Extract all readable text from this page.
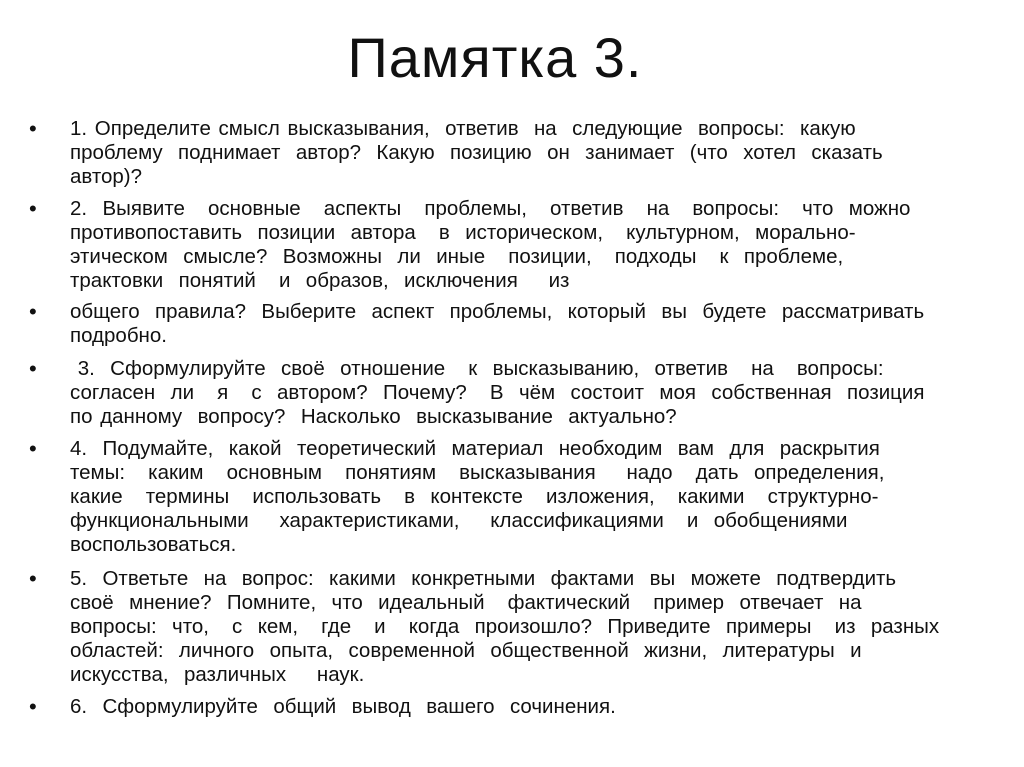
Памятка 3.
• 1. Определите смысл высказывания,  ответив  на  следующие  вопросы:  какую
проблему  поднимает  автор?  Какую  позицию  он  занимает  (что  хотел  сказать
автор)?
• 2.  Выявите   основные   аспекты   проблемы,   ответив   на   вопросы:   что  можно
противопоставить  позиции  автора   в  историческом,   культурном,  морально-
этическом  смысле?  Возможны  ли  иные   позиции,   подходы   к  проблеме,
трактовки  понятий   и  образов,  исключения    из
• общего  правила?  Выберите  аспект  проблемы,  который  вы  будете  рассматривать
подробно.
• 3.  Сформулируйте  своё  отношение   к  высказыванию,  ответив   на   вопросы:
согласен  ли   я   с  автором?  Почему?   В  чём  состоит  моя  собственная  позиция
по данному  вопросу?  Насколько  высказывание  актуально?
• 4.  Подумайте,  какой  теоретический  материал  необходим  вам  для  раскрытия
темы:   каким   основным   понятиям   высказывания    надо   дать  определения,
какие   термины   использовать   в  контексте   изложения,   какими   структурно-
функциональными    характеристиками,    классификациями   и  обобщениями
воспользоваться.
• 5.  Ответьте  на  вопрос:  какими  конкретными  фактами  вы  можете  подтвердить
своё  мнение?  Помните,  что  идеальный   фактический   пример  отвечает  на
вопросы:  что,   с  кем,   где   и   когда  произошло?  Приведите  примеры   из  разных
областей:  личного  опыта,  современной  общественной  жизни,  литературы  и
искусства,  различных    наук.
• 6.  Сформулируйте  общий  вывод  вашего  сочинения.
